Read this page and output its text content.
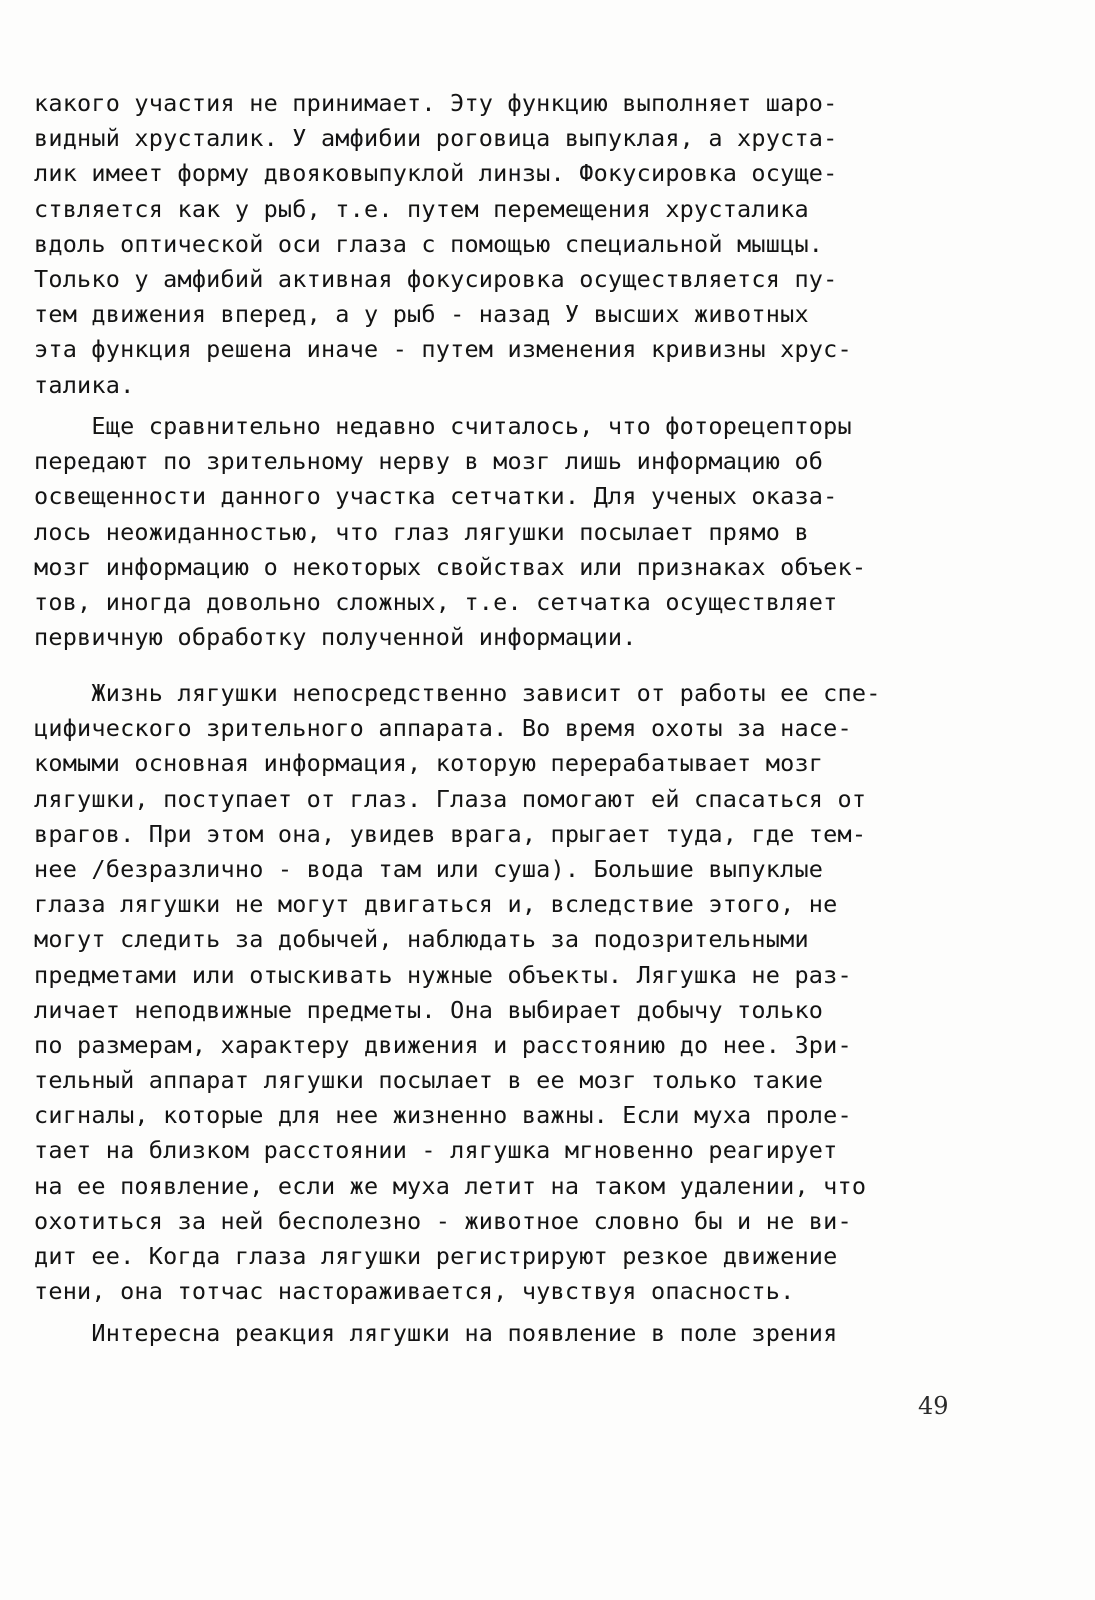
какого участия не принимает. Эту функцию выполняет шаро-
видный хрусталик. У амфибии роговица выпуклая, а хруста-
лик имеет форму двояковыпуклой линзы. Фокусировка осуще-
ствляется как у рыб, т.е. путем перемещения хрусталика
вдоль оптической оси глаза с помощью специальной мышцы.
Только у амфибий активная фокусировка осуществляется пу-
тем движения вперед, а у рыб - назад У высших животных
эта функция решена иначе - путем изменения кривизны хрус-
талика.
Еще сравнительно недавно считалось, что фоторецепторы
передают по зрительному нерву в мозг лишь информацию об
освещенности данного участка сетчатки. Для ученых оказа-
лось неожиданностью, что глаз лягушки посылает прямо в
мозг информацию о некоторых свойствах или признаках объек-
тов, иногда довольно сложных, т.е. сетчатка осуществляет
первичную обработку полученной информации.
Жизнь лягушки непосредственно зависит от работы ее спе-
цифического зрительного аппарата. Во время охоты за насе-
комыми основная информация, которую перерабатывает мозг
лягушки, поступает от глаз. Глаза помогают ей спасаться от
врагов. При этом она, увидев врага, прыгает туда, где тем-
нее /безразлично - вода там или суша). Большие выпуклые
глаза лягушки не могут двигаться и, вследствие этого, не
могут следить за добычей, наблюдать за подозрительными
предметами или отыскивать нужные объекты. Лягушка не раз-
личает неподвижные предметы. Она выбирает добычу только
по размерам, характеру движения и расстоянию до нее. Зри-
тельный аппарат лягушки посылает в ее мозг только такие
сигналы, которые для нее жизненно важны. Если муха проле-
тает на близком расстоянии - лягушка мгновенно реагирует
на ее появление, если же муха летит на таком удалении, что
охотиться за ней бесполезно - животное словно бы и не ви-
дит ее. Когда глаза лягушки регистрируют резкое движение
тени, она тотчас настораживается, чувствуя опасность.
Интересна реакция лягушки на появление в поле зрения
49
